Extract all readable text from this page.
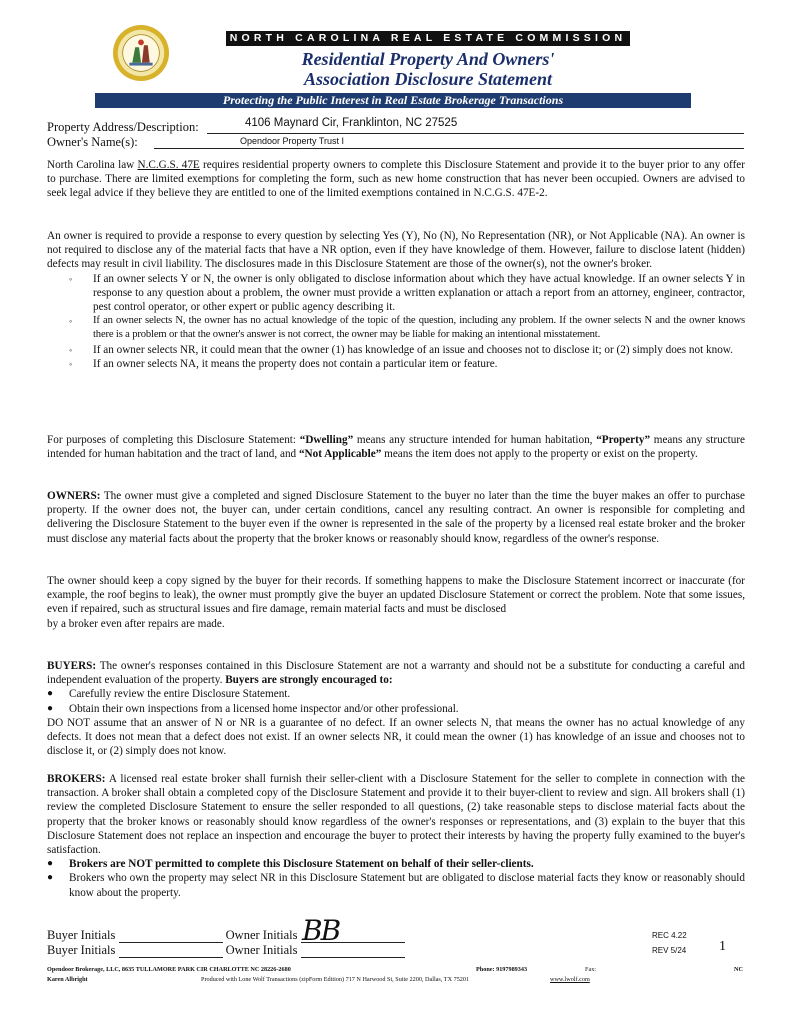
NORTH CAROLINA REAL ESTATE COMMISSION
Residential Property And Owners'
Association Disclosure Statement
Protecting the Public Interest in Real Estate Brokerage Transactions
Property Address/Description:	4106 Maynard Cir, Franklinton, NC 27525
Owner's Name(s):	Opendoor Property Trust I

North Carolina law N.C.G.S. 47E requires residential property owners to complete this Disclosure Statement and provide it to the buyer prior to any offer to purchase. There are limited exemptions for completing the form, such as new home construction that has never been occupied. Owners are advised to seek legal advice if they believe they are entitled to one of the limited exemptions contained in N.C.G.S. 47E-2.

An owner is required to provide a response to every question by selecting Yes (Y), No (N), No Representation (NR), or Not Applicable (NA). An owner is not required to disclose any of the material facts that have a NR option, even if they have knowledge of them. However, failure to disclose latent (hidden) defects may result in civil liability. The disclosures made in this Disclosure Statement are those of the owner(s), not the owner's broker.

◦ If an owner selects Y or N, the owner is only obligated to disclose information about which they have actual knowledge. If an owner selects Y in response to any question about a problem, the owner must provide a written explanation or attach a report from an attorney, engineer, contractor, pest control operator, or other expert or public agency describing it.
◦ If an owner selects N, the owner has no actual knowledge of the topic of the question, including any problem. If the owner selects N and the owner knows there is a problem or that the owner's answer is not correct, the owner may be liable for making an intentional misstatement.
◦ If an owner selects NR, it could mean that the owner (1) has knowledge of an issue and chooses not to disclose it; or (2) simply does not know.
◦ If an owner selects NA, it means the property does not contain a particular item or feature.

For purposes of completing this Disclosure Statement: “Dwelling” means any structure intended for human habitation, “Property” means any structure intended for human habitation and the tract of land, and “Not Applicable” means the item does not apply to the property or exist on the property.

OWNERS: The owner must give a completed and signed Disclosure Statement to the buyer no later than the time the buyer makes an offer to purchase property. If the owner does not, the buyer can, under certain conditions, cancel any resulting contract. An owner is responsible for completing and delivering the Disclosure Statement to the buyer even if the owner is represented in the sale of the property by a licensed real estate broker and the broker must disclose any material facts about the property that the broker knows or reasonably should know, regardless of the owner's response.

The owner should keep a copy signed by the buyer for their records. If something happens to make the Disclosure Statement incorrect or inaccurate (for example, the roof begins to leak), the owner must promptly give the buyer an updated Disclosure Statement or correct the problem. Note that some issues, even if repaired, such as structural issues and fire damage, remain material facts and must be disclosed

by a broker even after repairs are made.

BUYERS: The owner's responses contained in this Disclosure Statement are not a warranty and should not be a substitute for conducting a careful and independent evaluation of the property. Buyers are strongly encouraged to:

● Carefully review the entire Disclosure Statement.
● Obtain their own inspections from a licensed home inspector and/or other professional.

DO NOT assume that an answer of N or NR is a guarantee of no defect. If an owner selects N, that means the owner has no actual knowledge of any defects. It does not mean that a defect does not exist. If an owner selects NR, it could mean the owner (1) has knowledge of an issue and chooses not to disclose it, or (2) simply does not know.

BROKERS: A licensed real estate broker shall furnish their seller-client with a Disclosure Statement for the seller to complete in connection with the transaction. A broker shall obtain a completed copy of the Disclosure Statement and provide it to their buyer-client to review and sign. All brokers shall (1) review the completed Disclosure Statement to ensure the seller responded to all questions, (2) take reasonable steps to disclose material facts about the property that the broker knows or reasonably should know regardless of the owner's responses or representations, and (3) explain to the buyer that this Disclosure Statement does not replace an inspection and encourage the buyer to protect their interests by having the property fully examined to the buyer's satisfaction.

● Brokers are NOT permitted to complete this Disclosure Statement on behalf of their seller-clients.
● Brokers who own the property may select NR in this Disclosure Statement but are obligated to disclose material facts they know or reasonably should know about the property.
Buyer Initials	Owner Initials
Buyer Initials	Owner Initials
BB	REC 4.22
REV 5/24 1
Opendoor Brokerage, LLC, 8635 TULLAMORE PARK CIR CHARLOTTE NC 28226-2680	Phone: 9197989343	Fax:	NC
Karen Albright	Produced with Lone Wolf Transactions (zipForm Edition) 717 N Harwood St, Suite 2200, Dallas, TX 75201	www.lwolf.com
